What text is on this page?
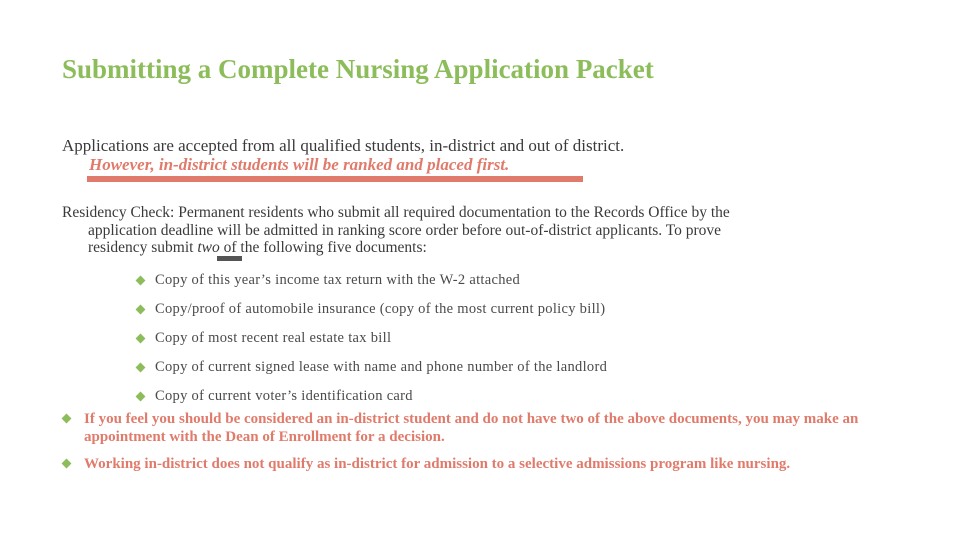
Submitting a Complete Nursing Application Packet
Applications are accepted from all qualified students, in-district and out of district.
However, in-district students will be ranked and placed first.
Residency Check: Permanent residents who submit all required documentation to the Records Office by the
application deadline will be admitted in ranking score order before out-of-district applicants. To prove
residency submit two of the following five documents:
Copy of this year’s income tax return with the W-2 attached
Copy/proof of automobile insurance (copy of the most current policy bill)
Copy of most recent real estate tax bill
Copy of current signed lease with name and phone number of the landlord
Copy of current voter’s identification card
If you feel you should be considered an in-district student and do not have two of the above documents, you may make an appointment with the Dean of Enrollment for a decision.
Working in-district does not qualify as in-district for admission to a selective admissions program like nursing.
